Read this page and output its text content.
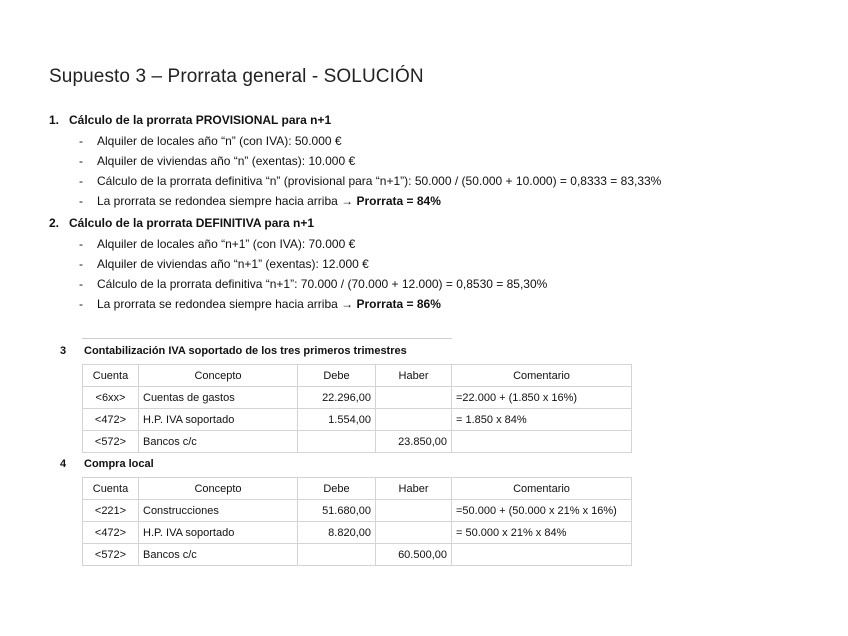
Supuesto 3 – Prorrata general - SOLUCIÓN
1. Cálculo de la prorrata PROVISIONAL para n+1
- Alquiler de locales año “n” (con IVA): 50.000 €
- Alquiler de viviendas año “n” (exentas): 10.000 €
- Cálculo de la prorrata definitiva “n” (provisional para “n+1”): 50.000 / (50.000 + 10.000) = 0,8333 = 83,33%
- La prorrata se redondea siempre hacia arriba → Prorrata = 84%
2. Cálculo de la prorrata DEFINITIVA para n+1
- Alquiler de locales año “n+1” (con IVA): 70.000 €
- Alquiler de viviendas año “n+1” (exentas): 12.000 €
- Cálculo de la prorrata definitiva “n+1”: 70.000 / (70.000 + 12.000) = 0,8530 = 85,30%
- La prorrata se redondea siempre hacia arriba → Prorrata = 86%
3	Contabilización IVA soportado de los tres primeros trimestres
Cuenta	Concepto	Debe	Haber	Comentario
<6xx>	Cuentas de gastos	22.296,00		=22.000 + (1.850 x 16%)
<472>	H.P. IVA soportado	1.554,00		= 1.850 x 84%
<572>	Bancos c/c		23.850,00	
4	Compra local
Cuenta	Concepto	Debe	Haber	Comentario
<221>	Construcciones	51.680,00		=50.000 + (50.000 x 21% x 16%)
<472>	H.P. IVA soportado	8.820,00		= 50.000 x 21% x 84%
<572>	Bancos c/c		60.500,00	
